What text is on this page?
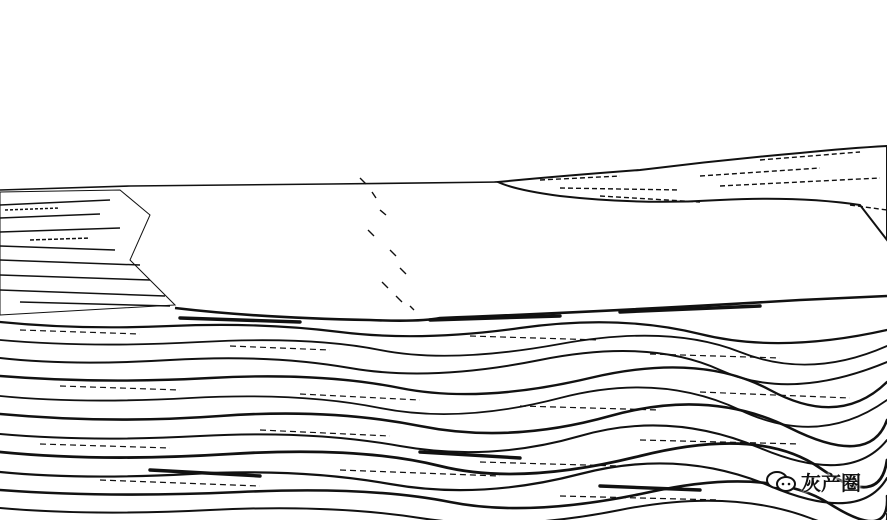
灰产圈
